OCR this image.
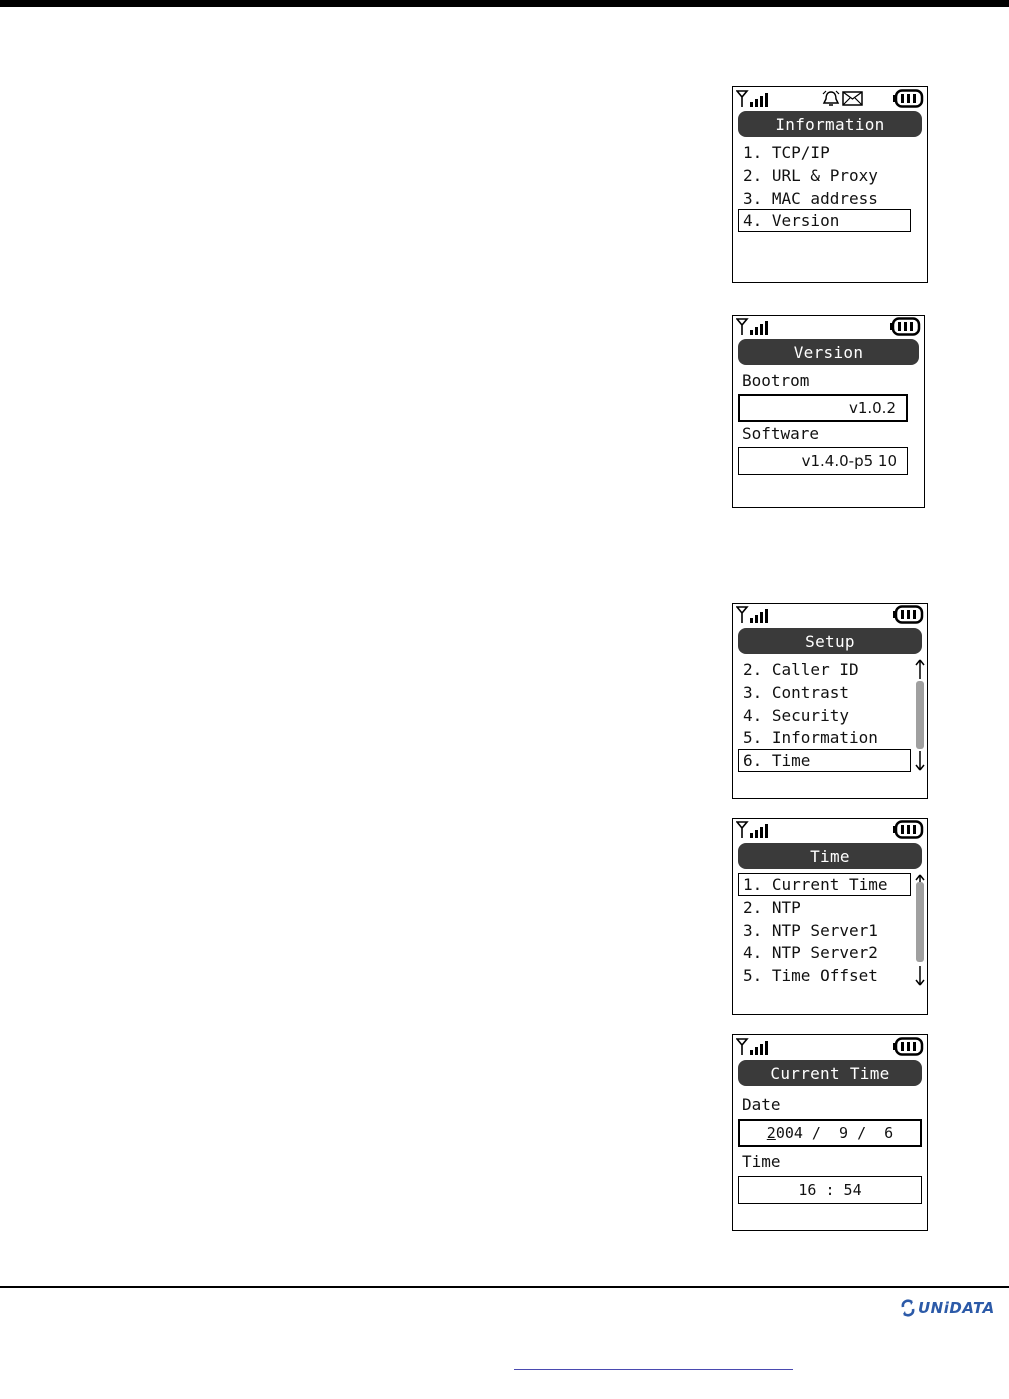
Information
1. TCP/IP
2. URL & Proxy
3. MAC address
4. Version
Version
Bootrom
v1.0.2
Software
v1.4.0-p5 10
Setup
2. Caller ID
3. Contrast
4. Security
5. Information
6. Time
Time
1. Current Time
2. NTP
3. NTP Server1
4. NTP Server2
5. Time Offset
Current Time
Date
2 004 /  9 /  6
Time
16 : 54
UNiDATA
